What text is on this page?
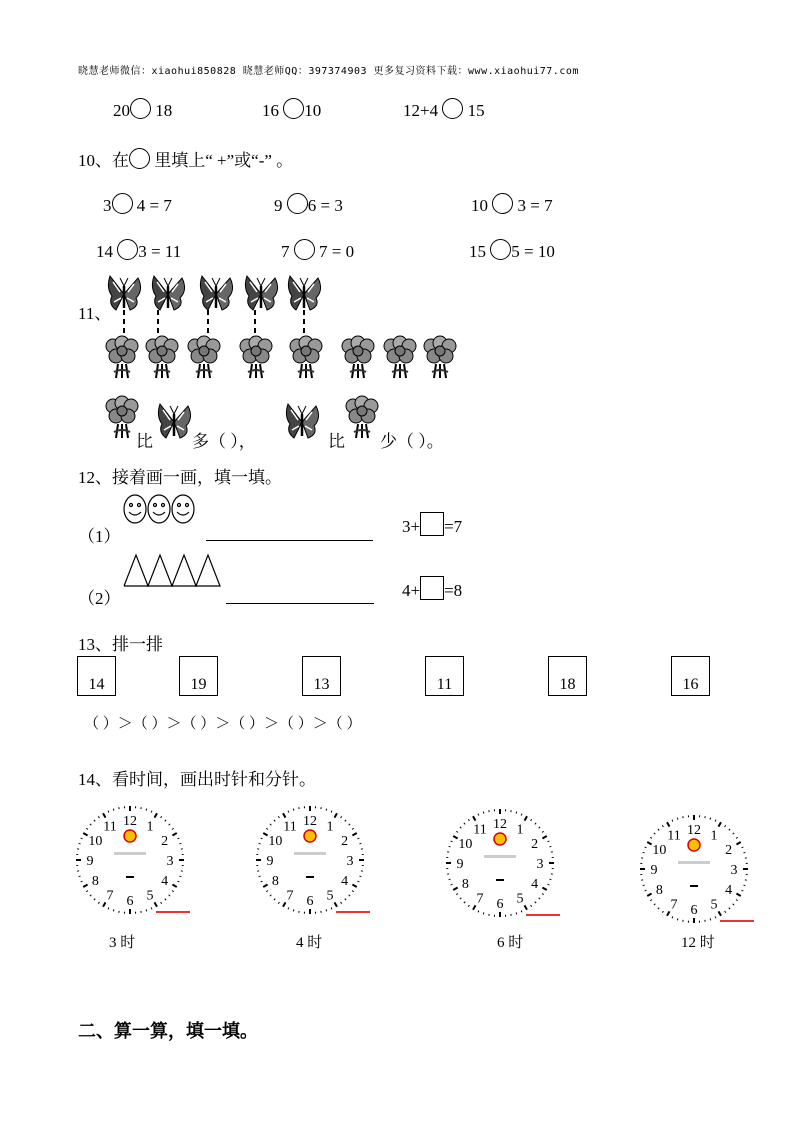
晓慧老师微信：xiaohui850828 晓慧老师QQ：397374903 更多复习资料下载：www.xiaohui77.com
20 18	16 10	12+4 15
10、在 里填上“ +”或“-” 。
3 4 = 7	9 6 = 3	10 3 = 7
14 3 = 11	7 7 = 0	15 5 = 10
11、
比 多（ ），	比 少（ ）。
12、接着画一画，填一填。
（1）
3+ =7
（2）	4+ =8
13、排一排
14	19	13	11	18	16
（ ）＞（ ）＞（ ）＞（ ）＞（ ）＞（ ）
14、看时间，画出时针和分针。
1
2
3
4
5
6
7
8
9
10
11 12	1
2
3
4
5
6
7
8
9
10
11 12
1
2
3
4
5
6
7
8
9
10
11 12
1
2
3
4
5
6
7
8
9
10
11 12
3 时	4 时	6 时	12 时
二、算一算，填一填。
